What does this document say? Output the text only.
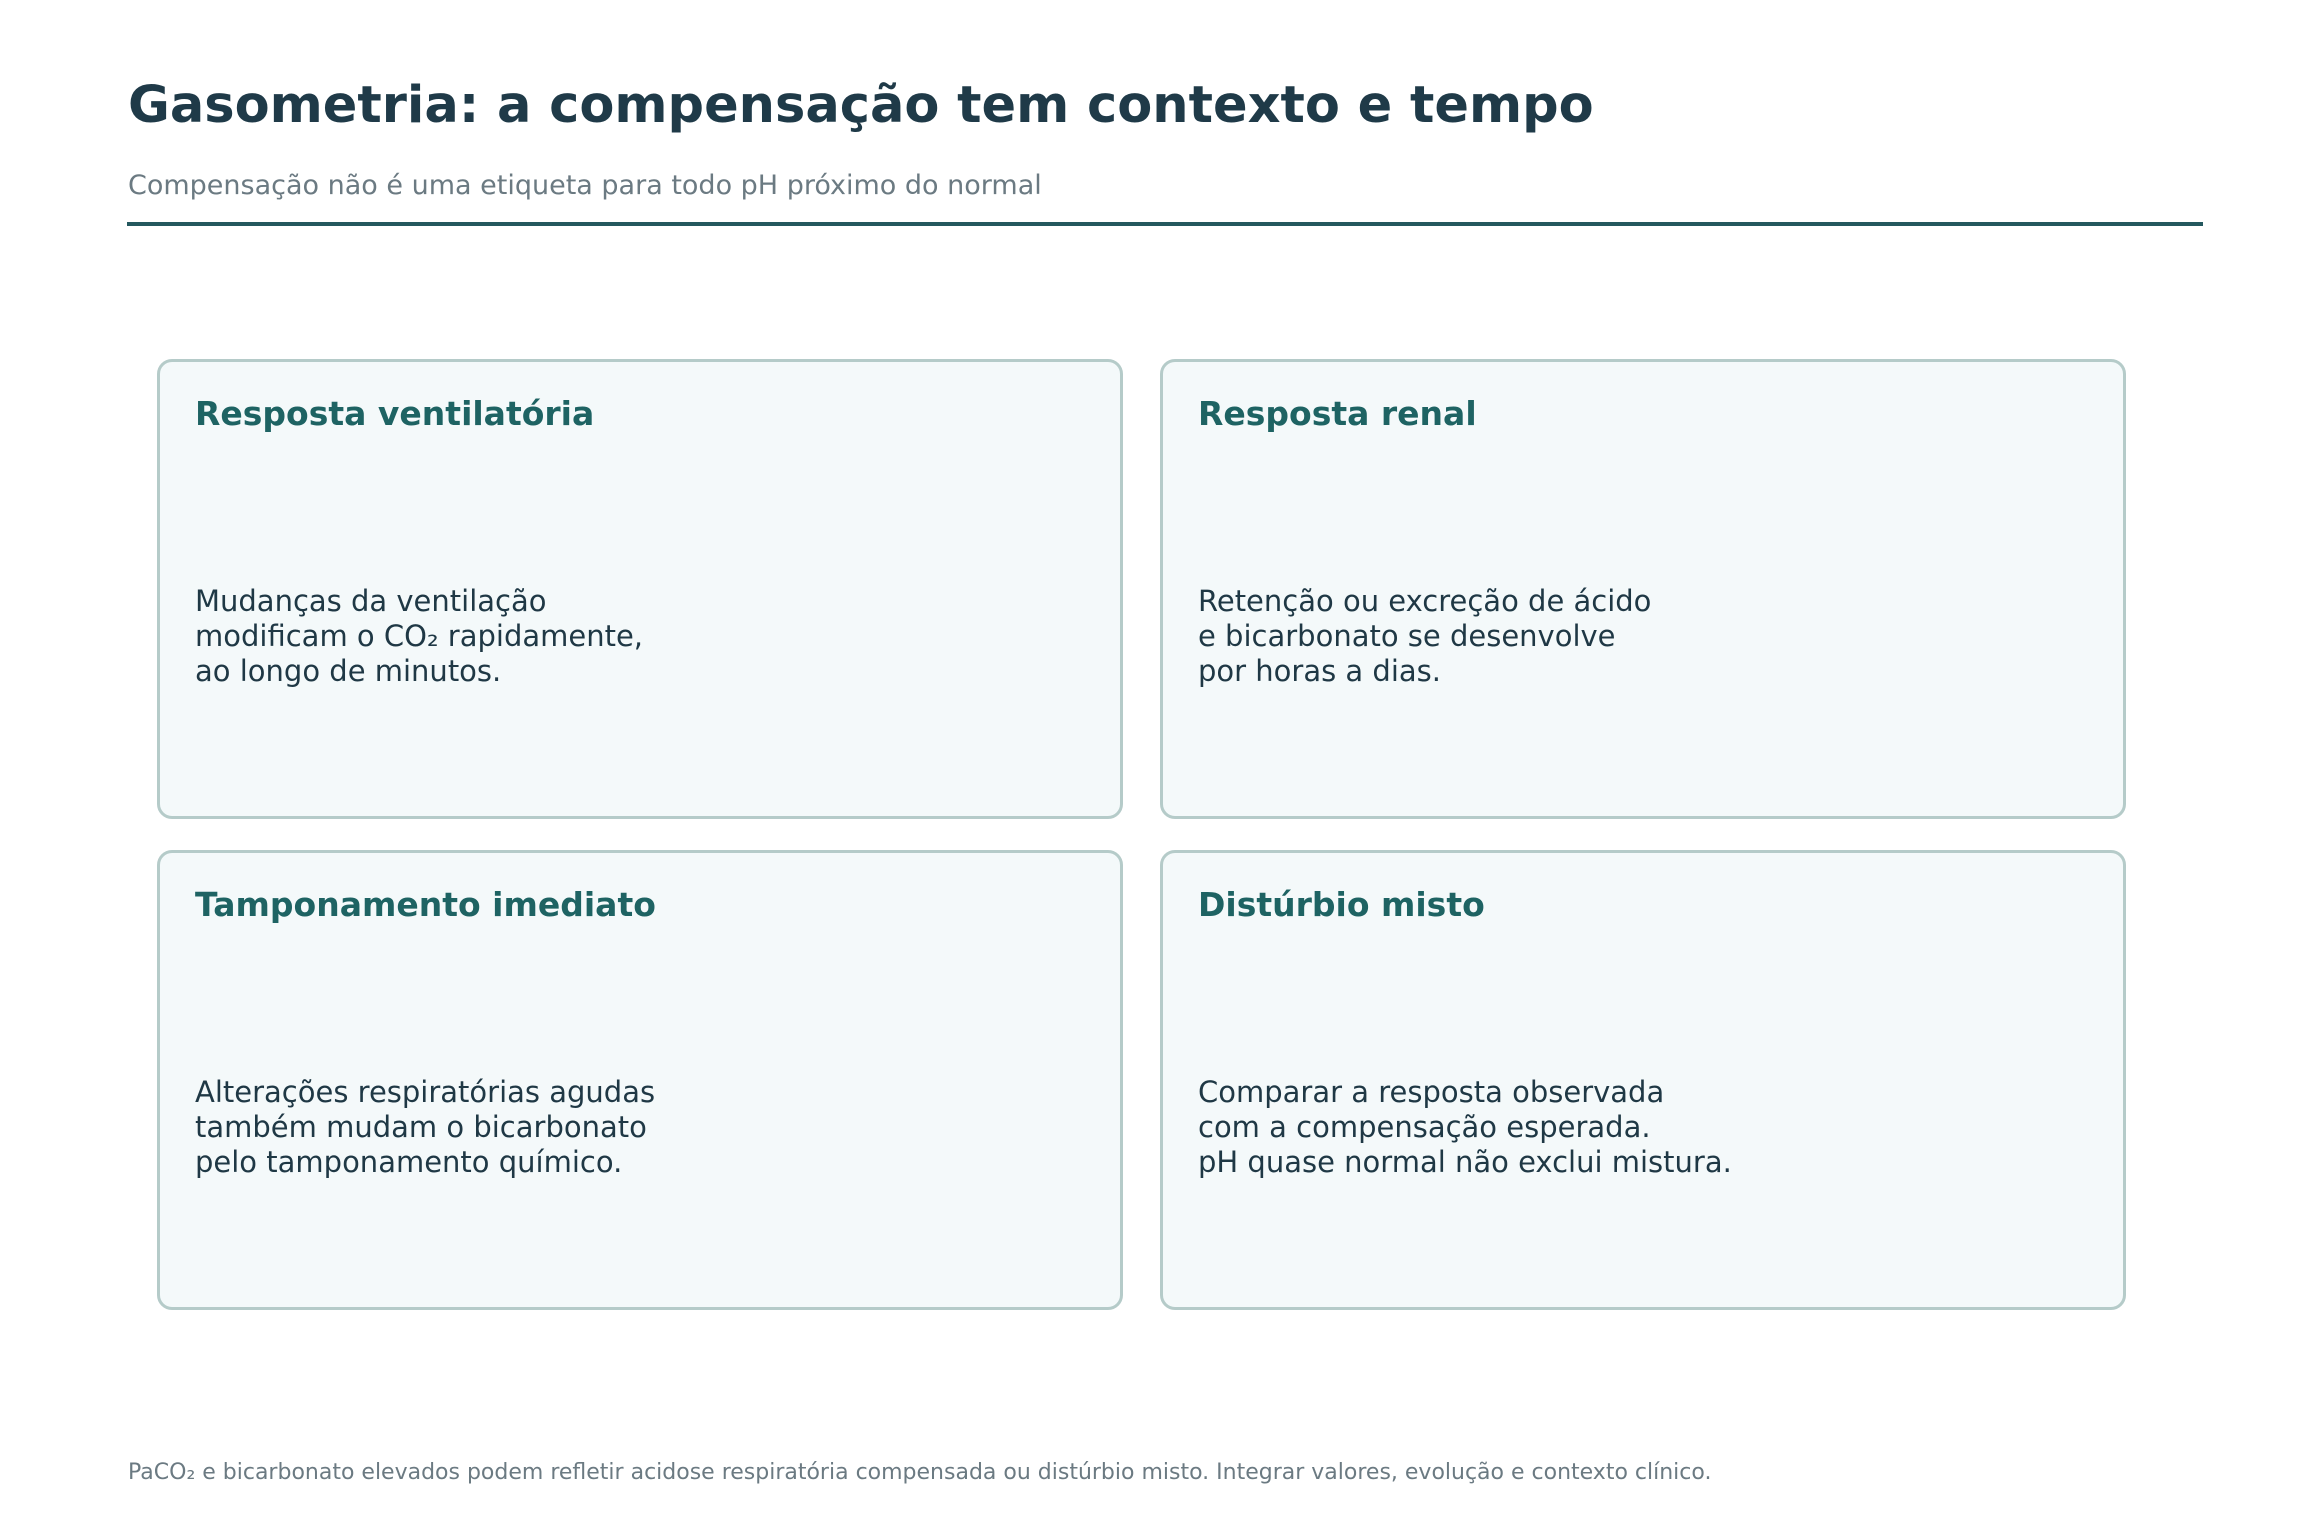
Gasometria: a compensação tem contexto e tempo

Compensação não é uma etiqueta para todo pH próximo do normal

Resposta ventilatória

Mudanças da ventilação
modificam o CO₂ rapidamente,
ao longo de minutos.

Resposta renal

Retenção ou excreção de ácido
e bicarbonato se desenvolve
por horas a dias.

Tamponamento imediato

Alterações respiratórias agudas
também mudam o bicarbonato
pelo tamponamento químico.

Distúrbio misto

Comparar a resposta observada
com a compensação esperada.
pH quase normal não exclui mistura.

PaCO₂ e bicarbonato elevados podem refletir acidose respiratória compensada ou distúrbio misto. Integrar valores, evolução e contexto clínico.
